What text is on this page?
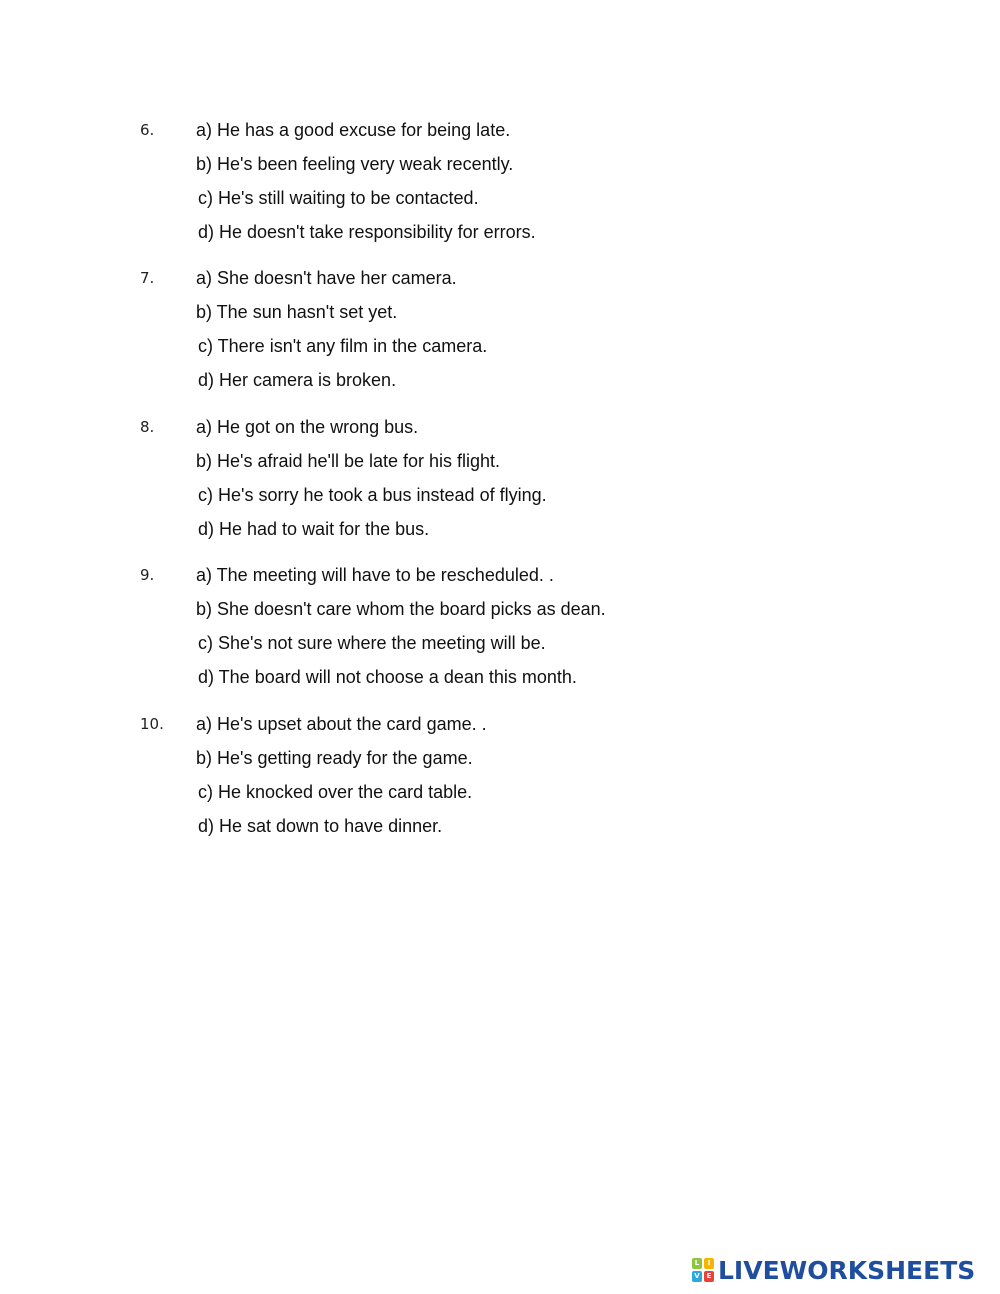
6. a) He has a good excuse for being late.
b) He's been feeling very weak recently.
c) He's still waiting to be contacted.
d) He doesn't take responsibility for errors.
7. a) She doesn't have her camera.
b) The sun hasn't set yet.
c) There isn't any film in the camera.
d) Her camera is broken.
8. a) He got on the wrong bus.
b) He's afraid he'll be late for his flight.
c) He's sorry he took a bus instead of flying.
d) He had to wait for the bus.
9. a) The meeting will have to be rescheduled. .
b) She doesn't care whom the board picks as dean.
c) She's not sure where the meeting will be.
d) The board will not choose a dean this month.
10. a) He's upset about the card game. .
b) He's getting ready for the game.
c) He knocked over the card table.
d) He sat down to have dinner.
L	I
V E LIVEWORKSHEETS
